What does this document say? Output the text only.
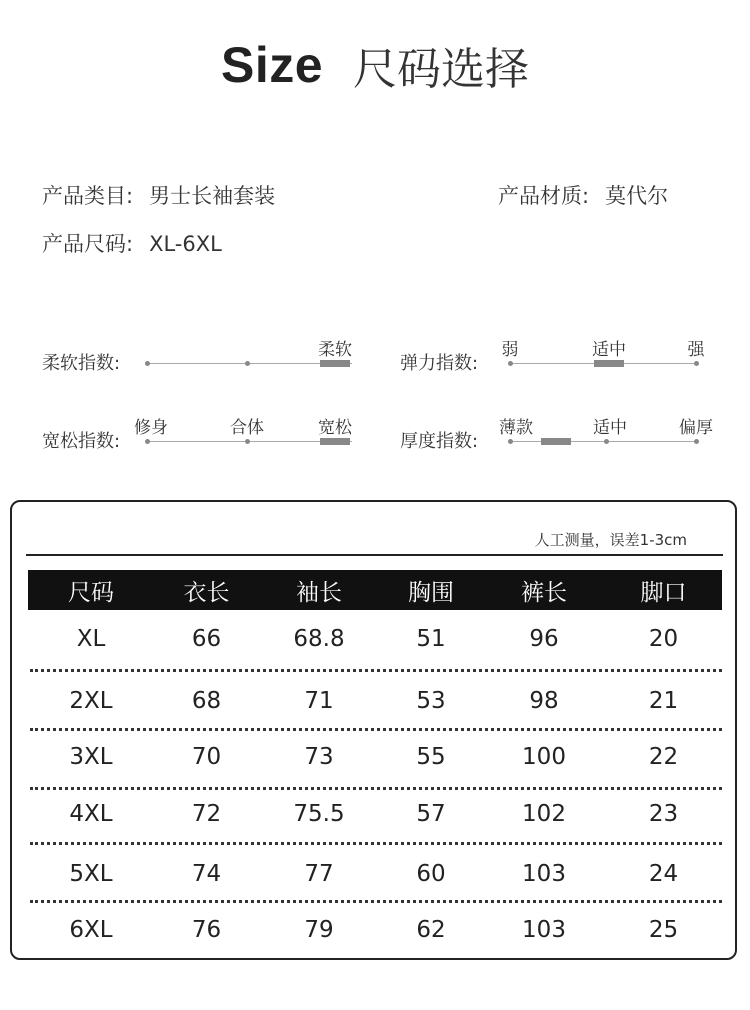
Size 尺码选择
产品类目: 男士长袖套装	产品材质: 莫代尔
产品尺码: XL-6XL
柔软指数:
柔软
弹力指数:
弱	适中	强
宽松指数:
修身	合体	宽松
厚度指数:
薄款	适中	偏厚
人工测量，误差1-3cm
尺码	衣长	袖长	胸围	裤长	脚口
XL	66	68.8	51	96	20
2XL	68	71	53	98	21
3XL	70	73	55	100	22
4XL	72	75.5	57	102	23
5XL	74	77	60	103	24
6XL	76	79	62	103	25
